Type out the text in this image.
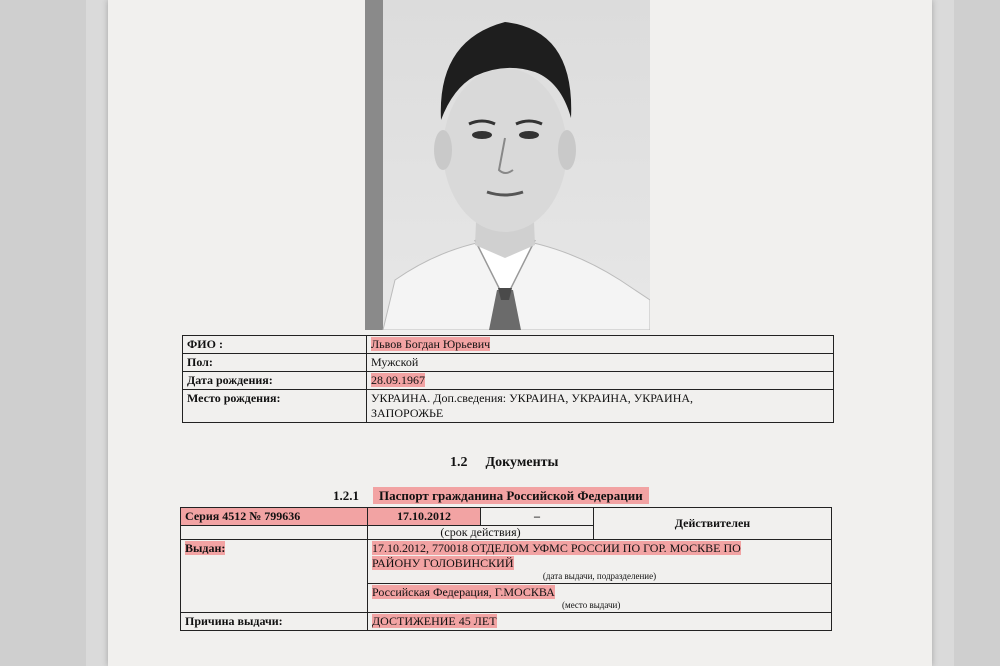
ФИО :	Львов Богдан Юрьевич
Пол:	Мужской
Дата рождения:	28.09.1967
Место рождения:	УКРАИНА. Доп.сведения: УКРАИНА, УКРАИНА, УКРАИНА,
ЗАПОРОЖЬЕ
1.2 Документы
1.2.1 Паспорт гражданина Российской Федерации
Серия 4512 № 799636	17.10.2012	–	Действителен
	(срок действия)		
Выдан:	17.10.2012, 770018 ОТДЕЛОМ УФМС РОССИИ ПО ГОР. МОСКВЕ ПО
РАЙОНУ ГОЛОВИНСКИЙ
(дата выдачи, подразделение)		

	Российская Федерация, Г.МОСКВА
(место выдачи)		

Причина выдачи:	ДОСТИЖЕНИЕ 45 ЛЕТ		
